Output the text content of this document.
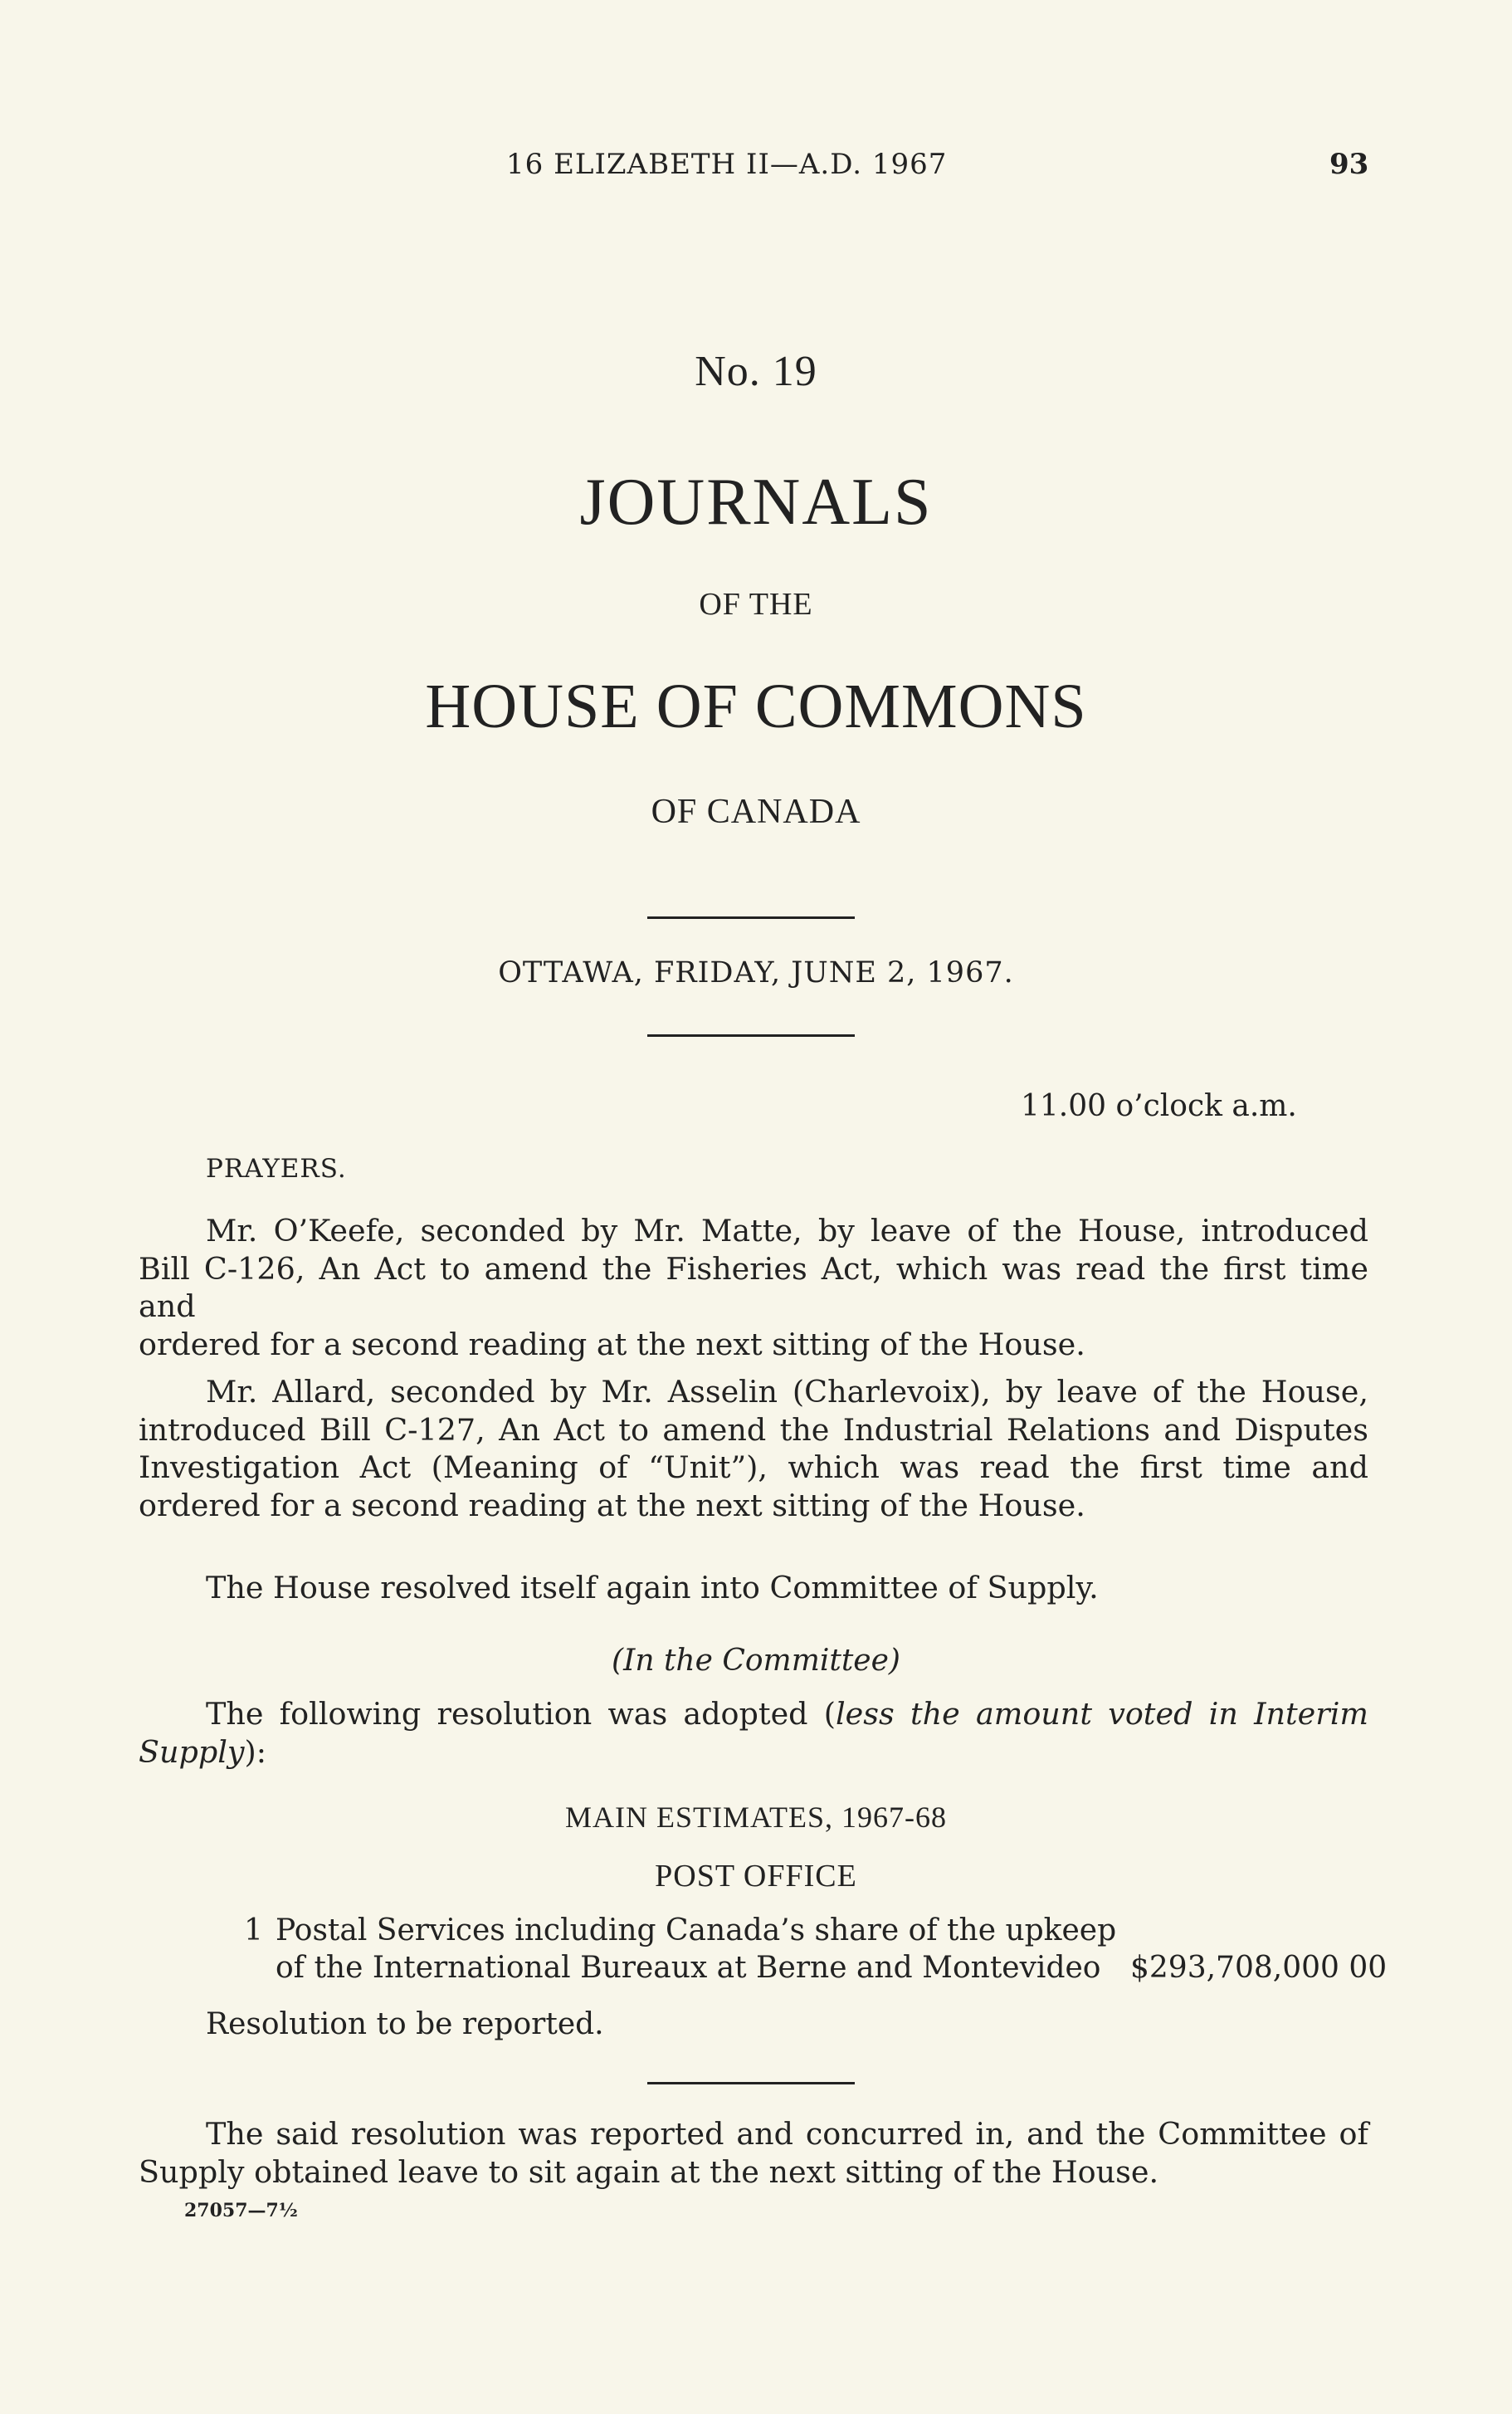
16 ELIZABETH II—A.D. 1967	93
No. 19
JOURNALS
OF THE
HOUSE OF COMMONS
OF CANADA
OTTAWA, FRIDAY, JUNE 2, 1967.
11.00 o’clock a.m.
PRAYERS.

Mr. O’Keefe, seconded by Mr. Matte, by leave of the House, introduced

Bill C-126, An Act to amend the Fisheries Act, which was read the first time and

ordered for a second reading at the next sitting of the House.

Mr. Allard, seconded by Mr. Asselin (Charlevoix), by leave of the House,

introduced Bill C-127, An Act to amend the Industrial Relations and Disputes

Investigation Act (Meaning of “Unit”), which was read the first time and

ordered for a second reading at the next sitting of the House.

The House resolved itself again into Committee of Supply.

(In the Committee)

The following resolution was adopted (less the amount voted in Interim

Supply):

MAIN ESTIMATES, 1967-68
POST OFFICE
1 Postal Services including Canada’s share of the upkeep
of the International Bureaux at Berne and Montevideo $293,708,000 00
Resolution to be reported.

The said resolution was reported and concurred in, and the Committee of

Supply obtained leave to sit again at the next sitting of the House.

27057—7½
